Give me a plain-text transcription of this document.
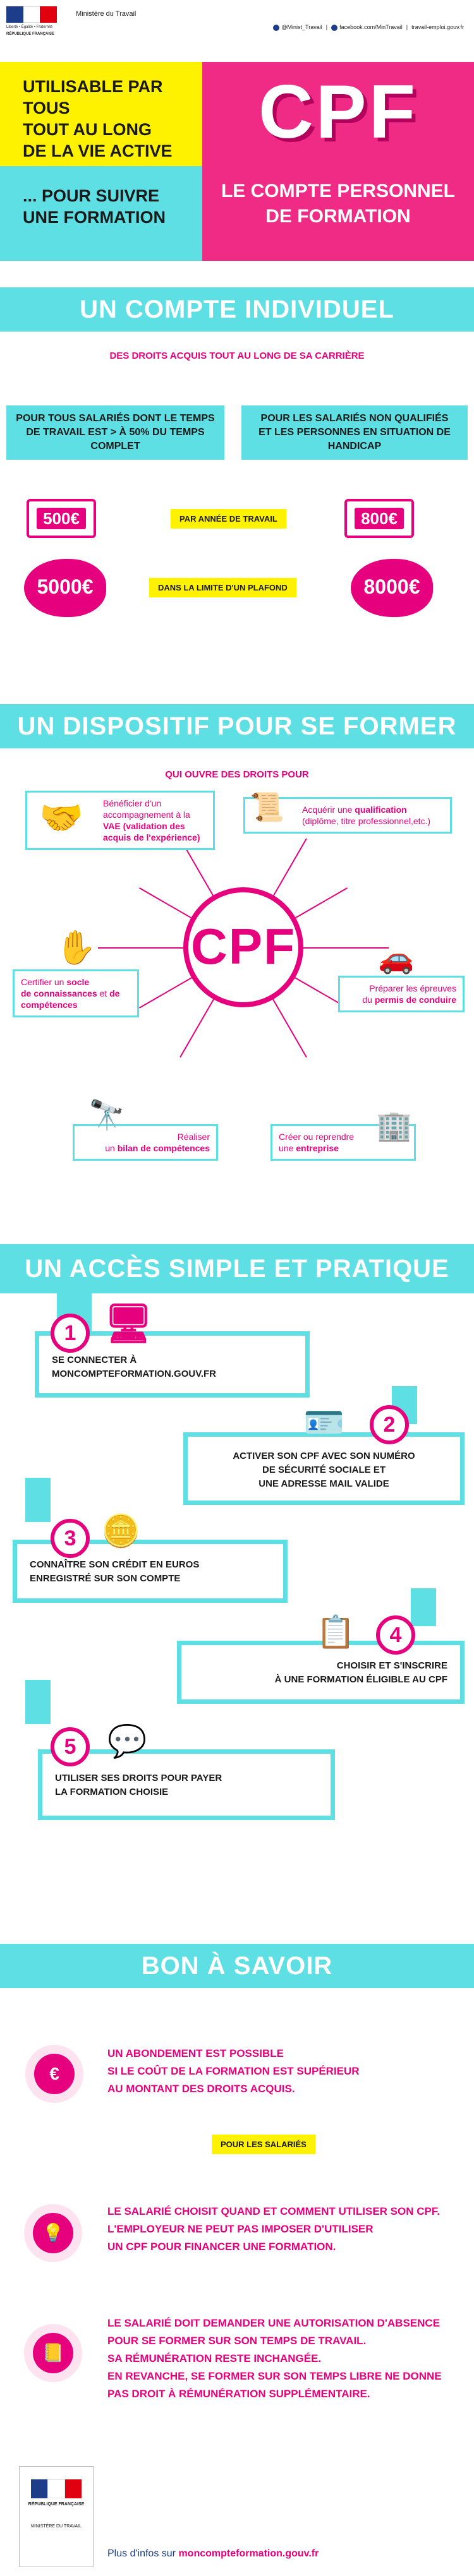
Liberté • Égalité • Fraternité
RÉPUBLIQUE FRANÇAISE
Ministère du Travail
@Minist_Travail |	facebook.com/MinTravail | travail-emploi.gouv.fr
UTILISABLE PAR TOUS
TOUT AU LONG
DE LA VIE ACTIVE
... POUR SUIVRE
UNE FORMATION
CPF
LE COMPTE PERSONNEL
DE FORMATION
UN COMPTE INDIVIDUEL
DES DROITS ACQUIS TOUT AU LONG DE SA CARRIÈRE
POUR TOUS SALARIÉS DONT LE TEMPS
DE TRAVAIL EST > À 50% DU TEMPS COMPLET
POUR LES SALARIÉS NON QUALIFIÉS
ET LES PERSONNES EN SITUATION DE HANDICAP
500€	PAR ANNÉE DE TRAVAIL	800€
5000€	DANS LA LIMITE D'UN PLAFOND	8000€
UN DISPOSITIF POUR SE FORMER
QUI OUVRE DES DROITS POUR
CPF
Bénéficier d'un accompagnement à la VAE (validation des acquis de l'expérience)
🤝	Acquérir une qualification
(diplôme, titre professionnel,etc.)
📜
Certifier un socle
de connaissances et de compétences
✋
Préparer les épreuves
du permis de conduire
🚗
Réaliser
un bilan de compétences
🔭
Créer ou reprendre
une entreprise
🏢
UN ACCÈS SIMPLE ET PRATIQUE
SE CONNECTER À
MONCOMPTEFORMATION.GOUV.FR
1 🖥
ACTIVER SON CPF AVEC SON NUMÉRO
DE SÉCURITÉ SOCIALE ET
UNE ADRESSE MAIL VALIDE
2
🪪
CONNAÎTRE SON CRÉDIT EN EUROS
ENREGISTRÉ SUR SON COMPTE
3 🪙
CHOISIR ET S'INSCRIRE
À UNE FORMATION ÉLIGIBLE AU CPF
4
📋
UTILISER SES DROITS POUR PAYER
LA FORMATION CHOISIE
5 💬
BON À SAVOIR
€
UN ABONDEMENT EST POSSIBLE
SI LE COÛT DE LA FORMATION EST SUPÉRIEUR
AU MONTANT DES DROITS ACQUIS.
POUR LES SALARIÉS
💡
LE SALARIÉ CHOISIT QUAND ET COMMENT UTILISER SON CPF.
L'EMPLOYEUR NE PEUT PAS IMPOSER D'UTILISER
UN CPF POUR FINANCER UNE FORMATION.
📒
LE SALARIÉ DOIT DEMANDER UNE AUTORISATION D'ABSENCE
POUR SE FORMER SUR SON TEMPS DE TRAVAIL.
SA RÉMUNÉRATION RESTE INCHANGÉE.
EN REVANCHE, SE FORMER SUR SON TEMPS LIBRE NE DONNE
PAS DROIT À RÉMUNÉRATION SUPPLÉMENTAIRE.
RÉPUBLIQUE FRANÇAISE
MINISTÈRE DU TRAVAIL
Plus d'infos sur moncompteformation.gouv.fr
